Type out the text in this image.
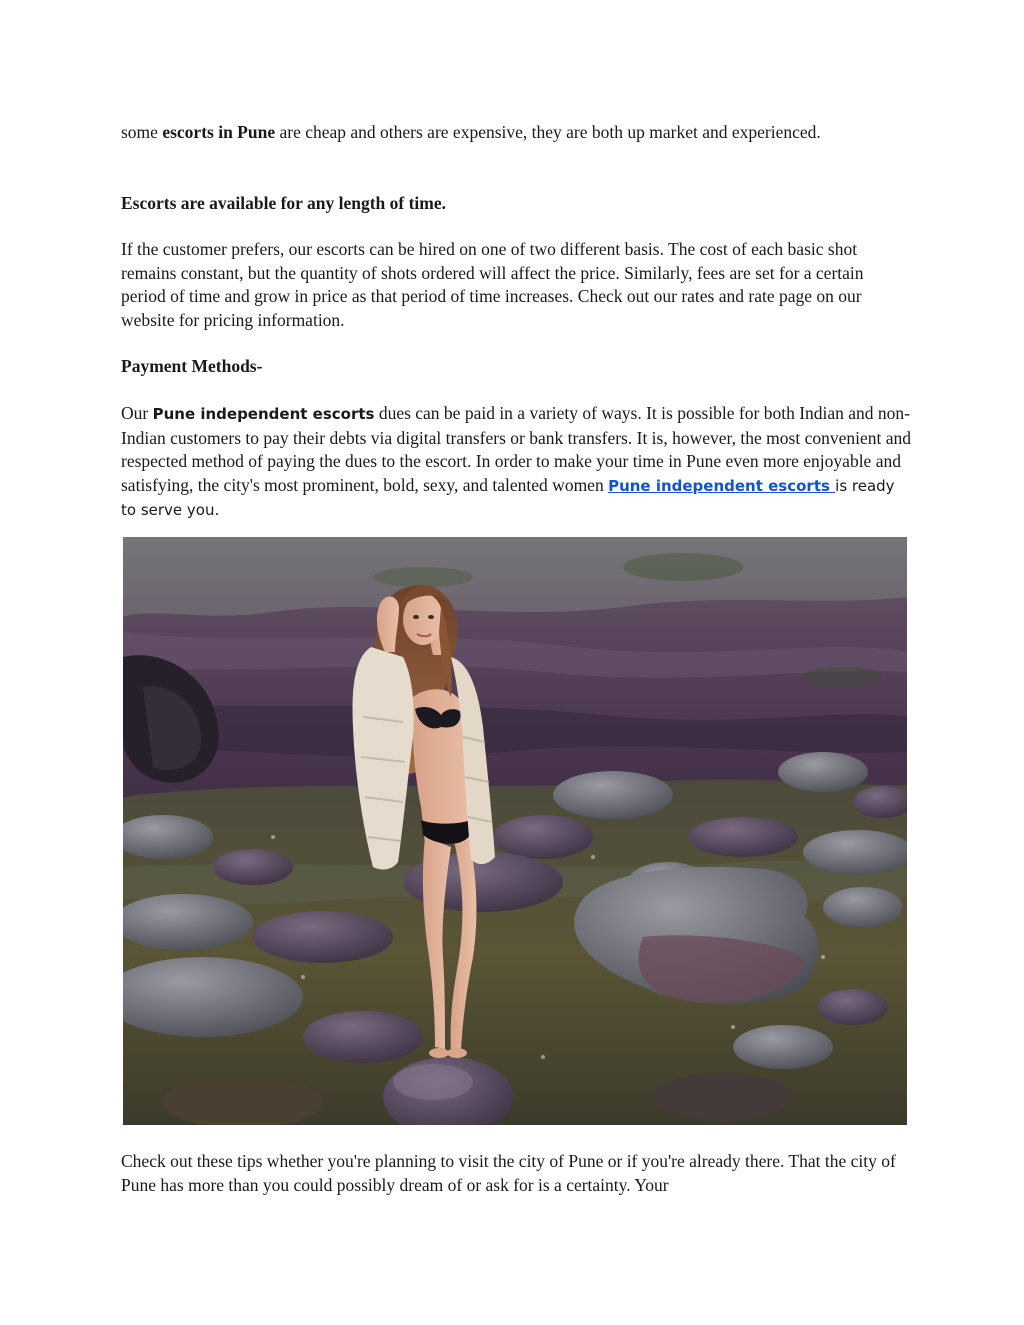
some escorts in Pune are cheap and others are expensive, they are both up market and experienced.

Escorts are available for any length of time.

If the customer prefers, our escorts can be hired on one of two different basis. The cost of each basic shot remains constant, but the quantity of shots ordered will affect the price. Similarly, fees are set for a certain period of time and grow in price as that period of time increases. Check out our rates and rate page on our website for pricing information.

Payment Methods-

Our Pune independent escorts dues can be paid in a variety of ways. It is possible for both Indian and non-Indian customers to pay their debts via digital transfers or bank transfers. It is, however, the most convenient and respected method of paying the dues to the escort. In order to make your time in Pune even more enjoyable and satisfying, the city's most prominent, bold, sexy, and talented women Pune independent escorts is ready to serve you.

Check out these tips whether you're planning to visit the city of Pune or if you're already there. That the city of Pune has more than you could possibly dream of or ask for is a certainty. Your
